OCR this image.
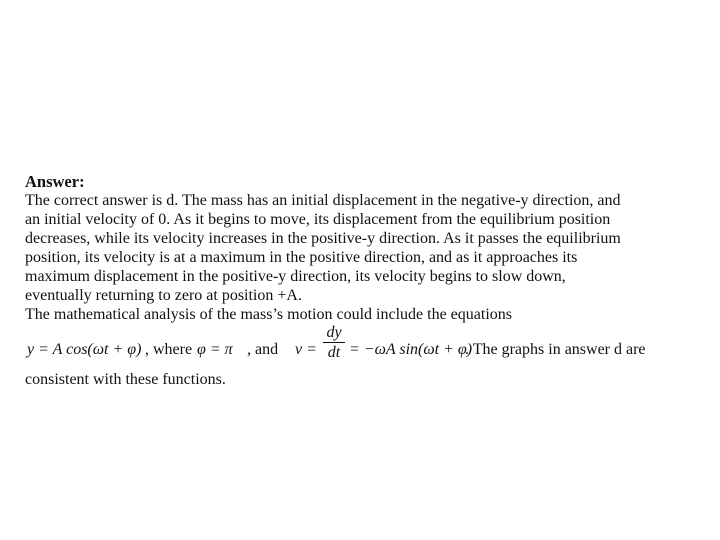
Answer:

The correct answer is d. The mass has an initial displacement in the negative-y direction, and
an initial velocity of 0. As it begins to move, its displacement from the equilibrium position
decreases, while its velocity increases in the positive-y direction. As it passes the equilibrium
position, its velocity is at a maximum in the positive direction, and as it approaches its
maximum displacement in the positive-y direction, its velocity begins to slow down,
eventually returning to zero at position +A.
The mathematical analysis of the mass’s motion could include the equations
y = A cos(ωt + φ) , where φ = π , and v =
dy
dt = −ωA sin(ωt + φ)
. The graphs in answer d are

consistent with these functions.
